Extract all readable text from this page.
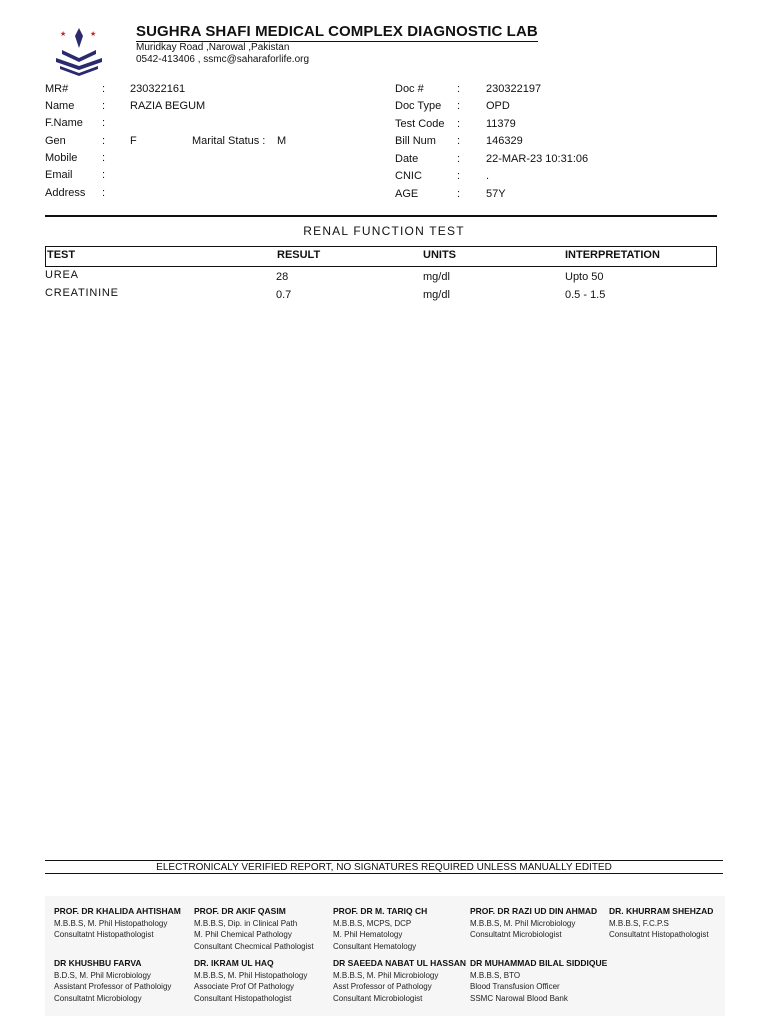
★	★	SUGHRA SHAFI MEDICAL COMPLEX DIAGNOSTIC LAB
Muridkay Road ,Narowal ,Pakistan
0542-413406 , ssmc@saharaforlife.org
MR#	: 230322161
Name	: RAZIA BEGUM
F.Name :
Gen	: F	Marital Status : M
Mobile :
Email	:
Address :
Doc #	: 230322197
Doc Type : OPD
Test Code : 11379
Bill Num : 146329
Date	: 22-MAR-23 10:31:06
CNIC	: .
AGE	: 57Y
RENAL FUNCTION TEST
TEST	RESULT	UNITS	INTERPRETATION
UREA	28	mg/dl	Upto 50
CREATININE	0.7	mg/dl	0.5 - 1.5
ELECTRONICALY VERIFIED REPORT, NO SIGNATURES REQUIRED UNLESS MANUALLY EDITED
PROF. DR KHALIDA AHTISHAM
M.B.B.S, M. Phil Histopathology
Consultatnt Histopathologist
PROF. DR AKIF QASIM
M.B.B.S, Dip. in Clinical Path
M. Phil Chemical Pathology
Consultant Checmical Pathologist
PROF. DR M. TARIQ CH
M.B.B.S, MCPS, DCP
M. Phil Hematology
Consultant Hematology
PROF. DR RAZI UD DIN AHMAD
M.B.B.S, M. Phil Microbiology
Consultatnt Microbiologist
DR. KHURRAM SHEHZAD
M.B.B.S, F.C.P.S
Consultatnt Histopathologist
DR KHUSHBU FARVA
B.D.S, M. Phil Microbiology
Assistant Professor of Patholoigy
Consultatnt Microbiology
DR. IKRAM UL HAQ
M.B.B.S, M. Phil Histopathology
Associate Prof Of Pathology
Consultant Histopathologist
DR SAEEDA NABAT UL HASSAN
M.B.B.S, M. Phil Microbiology
Asst Professor of Pathology
Consultant Microbiologist
DR MUHAMMAD BILAL SIDDIQUE
M.B.B.S, BTO
Blood Transfusion Officer
SSMC Narowal Blood Bank
